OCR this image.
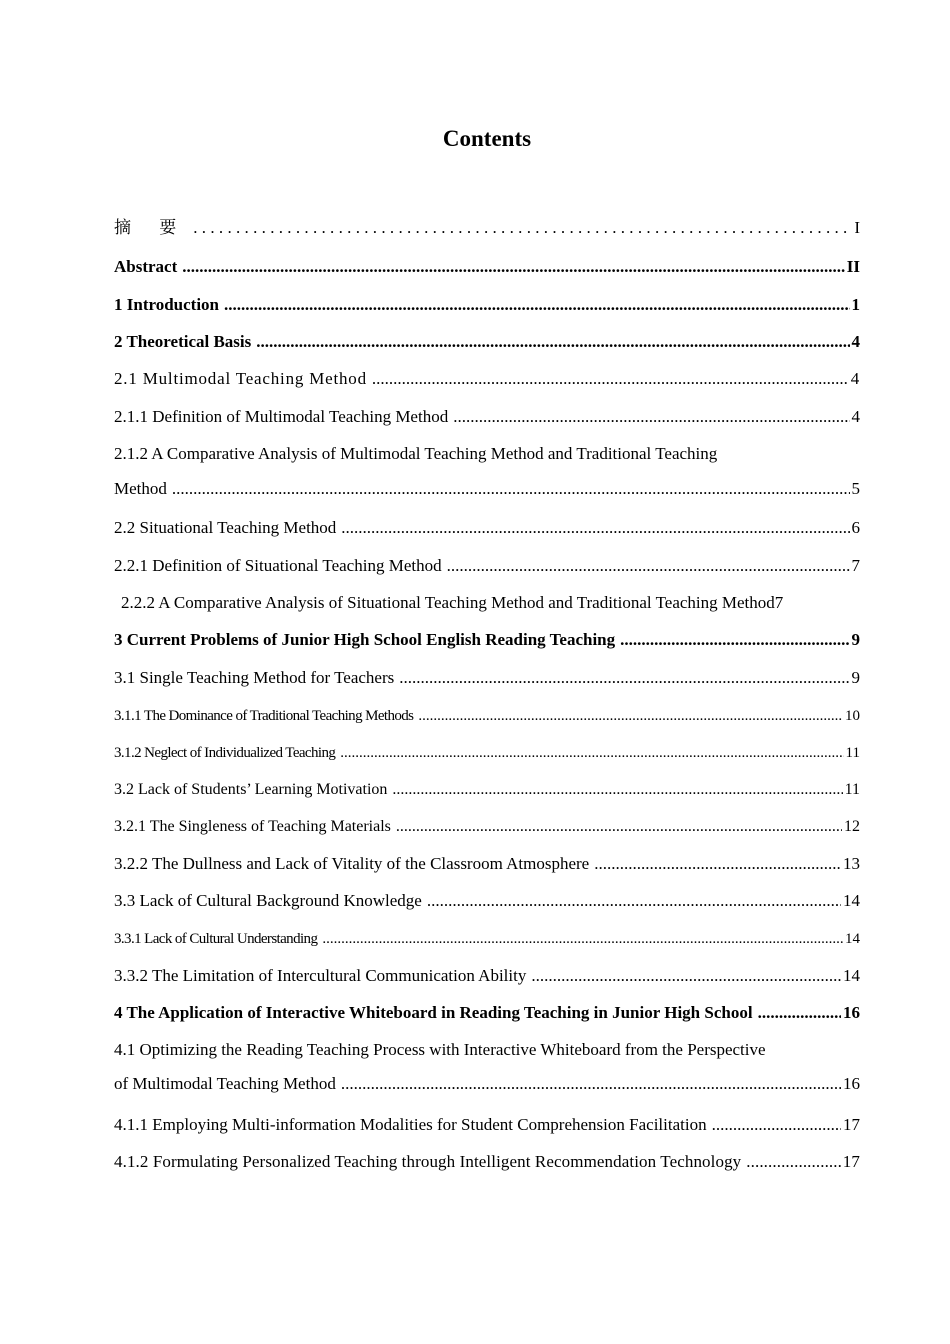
Contents
摘 要 .....	I
Abstract .....	II
1 Introduction .....	1
2 Theoretical Basis .....	4
2.1 Multimodal Teaching Method .....	4
2.1.1 Definition of Multimodal Teaching Method .....	4
2.1.2 A Comparative Analysis of Multimodal Teaching Method and Traditional Teaching
Method .....	5
2.2 Situational Teaching Method .....	6
2.2.1 Definition of Situational Teaching Method .....	7
2.2.2 A Comparative Analysis of Situational Teaching Method and Traditional Teaching Method 7
3 Current Problems of Junior High School English Reading Teaching .....	9
3.1 Single Teaching Method for Teachers .....	9
3.1.1 The Dominance of Traditional Teaching Methods .....	10
3.1.2 Neglect of Individualized Teaching .....	11
3.2 Lack of Students’ Learning Motivation .....	11
3.2.1 The Singleness of Teaching Materials .....	12
3.2.2 The Dullness and Lack of Vitality of the Classroom Atmosphere .....	13
3.3 Lack of Cultural Background Knowledge .....	14
3.3.1 Lack of Cultural Understanding .....	14
3.3.2 The Limitation of Intercultural Communication Ability .....	14
4 The Application of Interactive Whiteboard in Reading Teaching in Junior High School .....	16
4.1 Optimizing the Reading Teaching Process with Interactive Whiteboard from the Perspective
of Multimodal Teaching Method .....	16
4.1.1 Employing Multi-information Modalities for Student Comprehension Facilitation .....	17
4.1.2 Formulating Personalized Teaching through Intelligent Recommendation Technology .....	17
